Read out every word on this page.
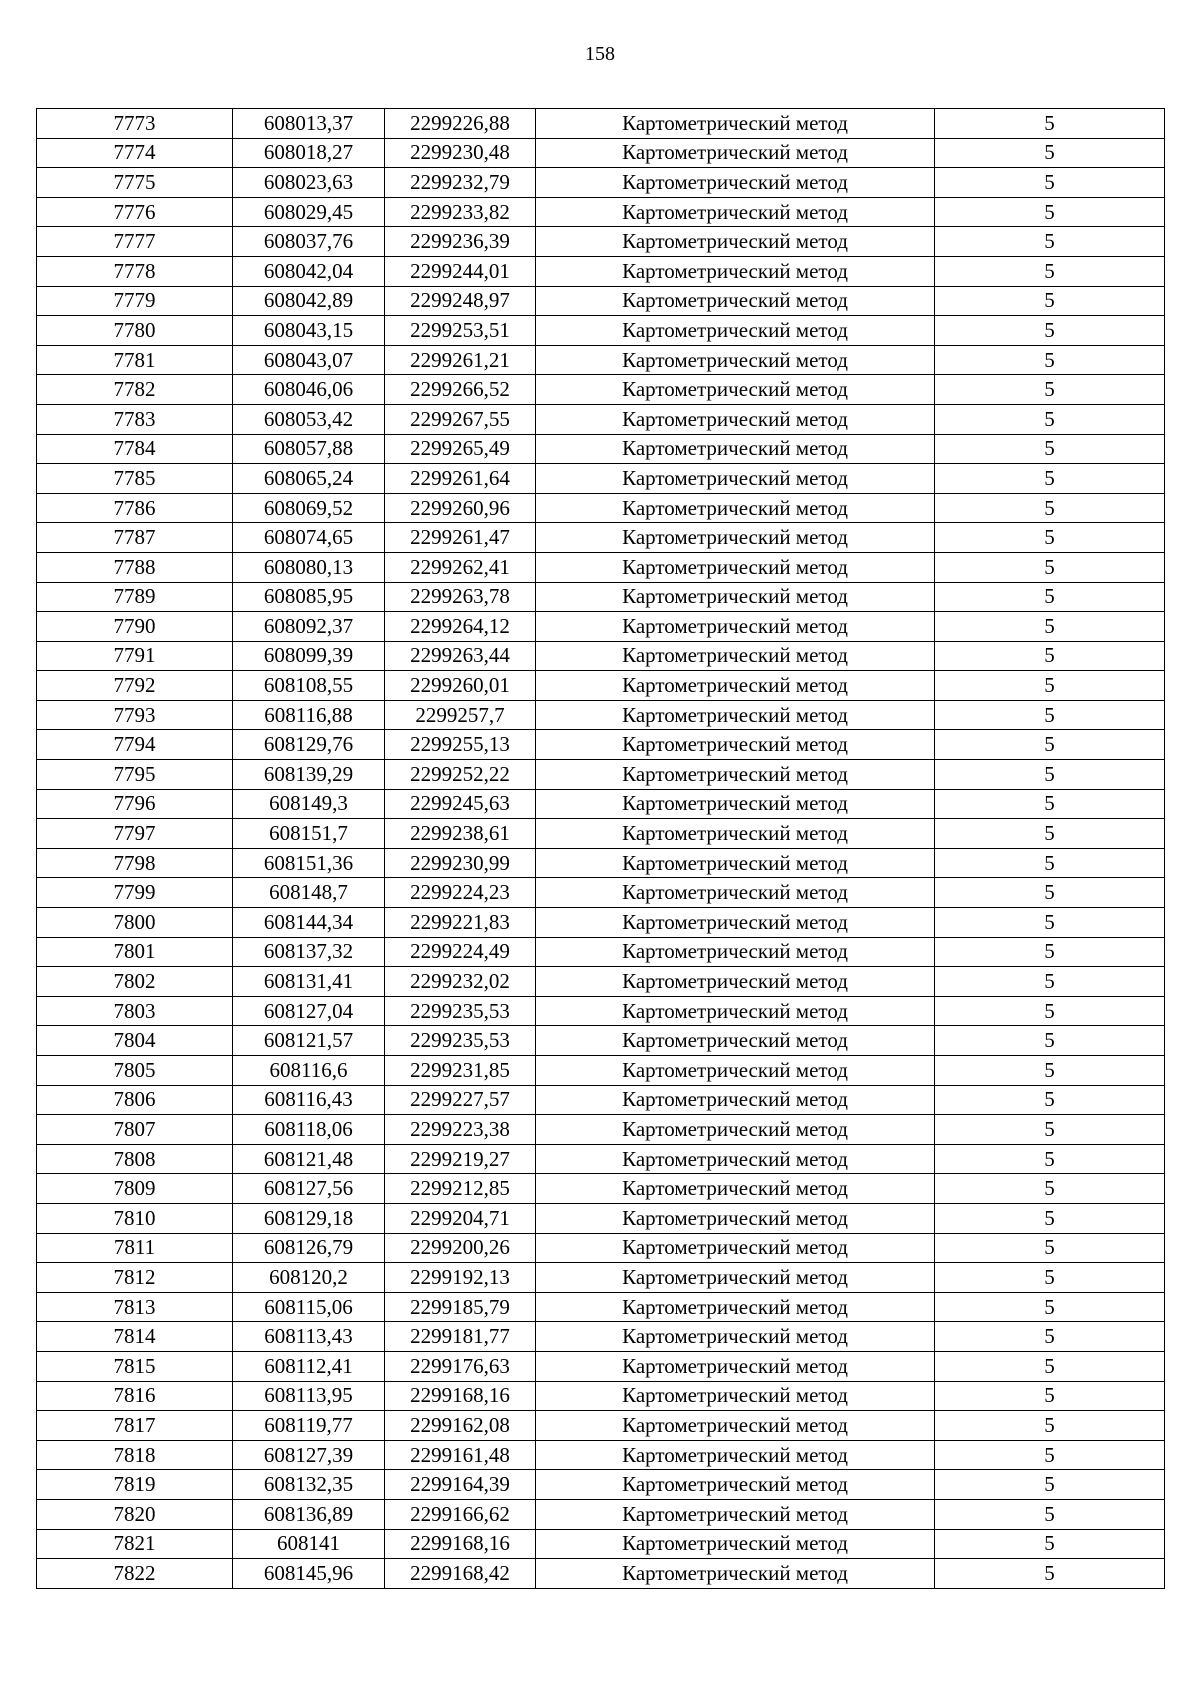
158
7773	608013,37	2299226,88	Картометрический метод	5
7774	608018,27	2299230,48	Картометрический метод	5
7775	608023,63	2299232,79	Картометрический метод	5
7776	608029,45	2299233,82	Картометрический метод	5
7777	608037,76	2299236,39	Картометрический метод	5
7778	608042,04	2299244,01	Картометрический метод	5
7779	608042,89	2299248,97	Картометрический метод	5
7780	608043,15	2299253,51	Картометрический метод	5
7781	608043,07	2299261,21	Картометрический метод	5
7782	608046,06	2299266,52	Картометрический метод	5
7783	608053,42	2299267,55	Картометрический метод	5
7784	608057,88	2299265,49	Картометрический метод	5
7785	608065,24	2299261,64	Картометрический метод	5
7786	608069,52	2299260,96	Картометрический метод	5
7787	608074,65	2299261,47	Картометрический метод	5
7788	608080,13	2299262,41	Картометрический метод	5
7789	608085,95	2299263,78	Картометрический метод	5
7790	608092,37	2299264,12	Картометрический метод	5
7791	608099,39	2299263,44	Картометрический метод	5
7792	608108,55	2299260,01	Картометрический метод	5
7793	608116,88	2299257,7	Картометрический метод	5
7794	608129,76	2299255,13	Картометрический метод	5
7795	608139,29	2299252,22	Картометрический метод	5
7796	608149,3	2299245,63	Картометрический метод	5
7797	608151,7	2299238,61	Картометрический метод	5
7798	608151,36	2299230,99	Картометрический метод	5
7799	608148,7	2299224,23	Картометрический метод	5
7800	608144,34	2299221,83	Картометрический метод	5
7801	608137,32	2299224,49	Картометрический метод	5
7802	608131,41	2299232,02	Картометрический метод	5
7803	608127,04	2299235,53	Картометрический метод	5
7804	608121,57	2299235,53	Картометрический метод	5
7805	608116,6	2299231,85	Картометрический метод	5
7806	608116,43	2299227,57	Картометрический метод	5
7807	608118,06	2299223,38	Картометрический метод	5
7808	608121,48	2299219,27	Картометрический метод	5
7809	608127,56	2299212,85	Картометрический метод	5
7810	608129,18	2299204,71	Картометрический метод	5
7811	608126,79	2299200,26	Картометрический метод	5
7812	608120,2	2299192,13	Картометрический метод	5
7813	608115,06	2299185,79	Картометрический метод	5
7814	608113,43	2299181,77	Картометрический метод	5
7815	608112,41	2299176,63	Картометрический метод	5
7816	608113,95	2299168,16	Картометрический метод	5
7817	608119,77	2299162,08	Картометрический метод	5
7818	608127,39	2299161,48	Картометрический метод	5
7819	608132,35	2299164,39	Картометрический метод	5
7820	608136,89	2299166,62	Картометрический метод	5
7821	608141	2299168,16	Картометрический метод	5
7822	608145,96	2299168,42	Картометрический метод	5
